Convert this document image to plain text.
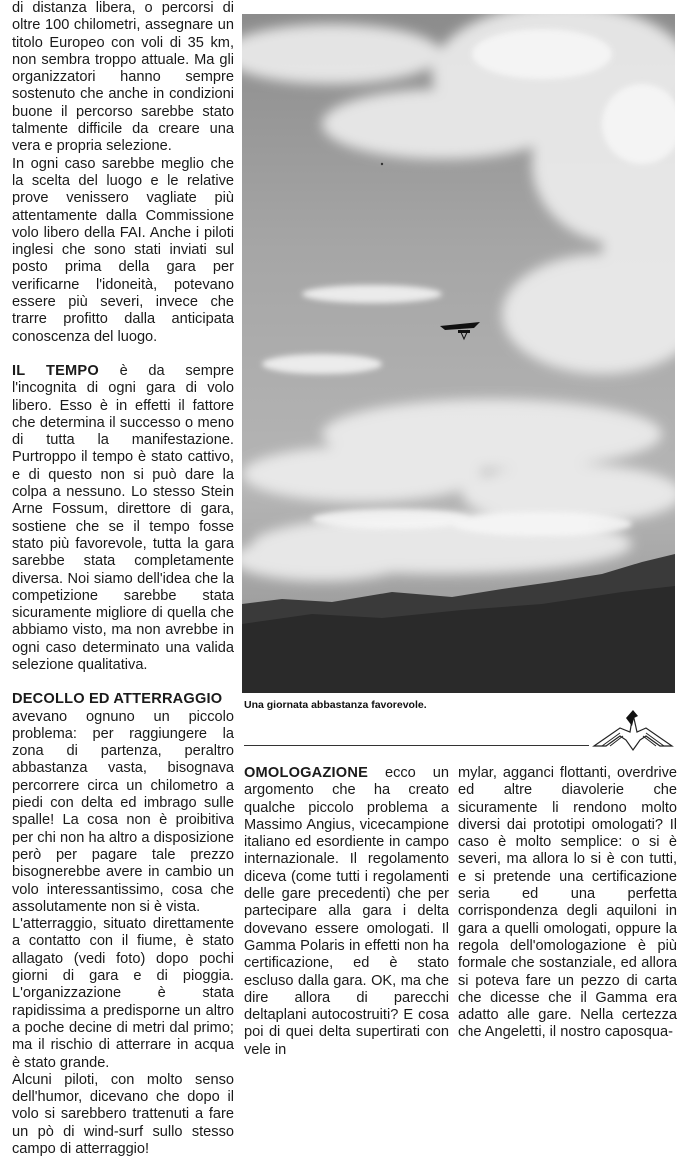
di distanza libera, o percorsi di oltre 100 chilometri, assegnare un titolo Europeo con voli di 35 km, non sembra troppo attuale. Ma gli organizzatori hanno sempre sostenuto che anche in condizioni buone il percorso sarebbe stato talmente difficile da creare una vera e propria selezione.

In ogni caso sarebbe meglio che la scelta del luogo e le relative prove venissero vagliate più attentamente dalla Commissione volo libero della FAI. Anche i piloti inglesi che sono stati inviati sul posto prima della gara per verificarne l'idoneità, potevano essere più severi, invece che trarre profitto dalla anticipata conoscenza del luogo.

IL TEMPO è da sempre l'incognita di ogni gara di volo libero. Esso è in effetti il fattore che determina il successo o meno di tutta la manifestazione. Purtroppo il tempo è stato cattivo, e di questo non si può dare la colpa a nessuno. Lo stesso Stein Arne Fossum, direttore di gara, sostiene che se il tempo fosse stato più favorevole, tutta la gara sarebbe stata completamente diversa. Noi siamo dell'idea che la competizione sarebbe stata sicuramente migliore di quella che abbiamo visto, ma non avrebbe in ogni caso determinato una valida selezione qualitativa.

DECOLLO ED ATTERRAGGIO

avevano ognuno un piccolo problema: per raggiungere la zona di partenza, peraltro abbastanza vasta, bisognava percorrere circa un chilometro a piedi con delta ed imbrago sulle spalle! La cosa non è proibitiva per chi non ha altro a disposizione però per pagare tale prezzo bisognerebbe avere in cambio un volo interessantissimo, cosa che assolutamente non si è vista.

L'atterraggio, situato direttamente a contatto con il fiume, è stato allagato (vedi foto) dopo pochi giorni di gara e di pioggia. L'organizzazione è stata rapidissima a predisporne un altro a poche decine di metri dal primo; ma il rischio di atterrare in acqua è stato grande.

Alcuni piloti, con molto senso dell'humor, dicevano che dopo il volo si sarebbero trattenuti a fare un pò di wind-surf sullo stesso campo di atterraggio!

Una giornata abbastanza favorevole.

OMOLOGAZIONE ecco un argomento che ha creato qualche piccolo problema a Massimo Angius, vicecampione italiano ed esordiente in campo internazionale. Il regolamento diceva (come tutti i regolamenti delle gare precedenti) che per partecipare alla gara i delta dovevano essere omologati. Il Gamma Polaris in effetti non ha certificazione, ed è stato escluso dalla gara. OK, ma che dire allora di parecchi deltaplani autocostruiti? E cosa poi di quei delta supertirati con vele in

mylar, agganci flottanti, overdrive ed altre diavolerie che sicuramente li rendono molto diversi dai prototipi omologati? Il caso è molto semplice: o si è severi, ma allora lo si è con tutti, e si pretende una certificazione seria ed una perfetta corrispondenza degli aquiloni in gara a quelli omologati, oppure la regola dell'omologazione è più formale che sostanziale, ed allora si poteva fare un pezzo di carta che dicesse che il Gamma era adatto alle gare. Nella certezza che Angeletti, il nostro caposqua-
